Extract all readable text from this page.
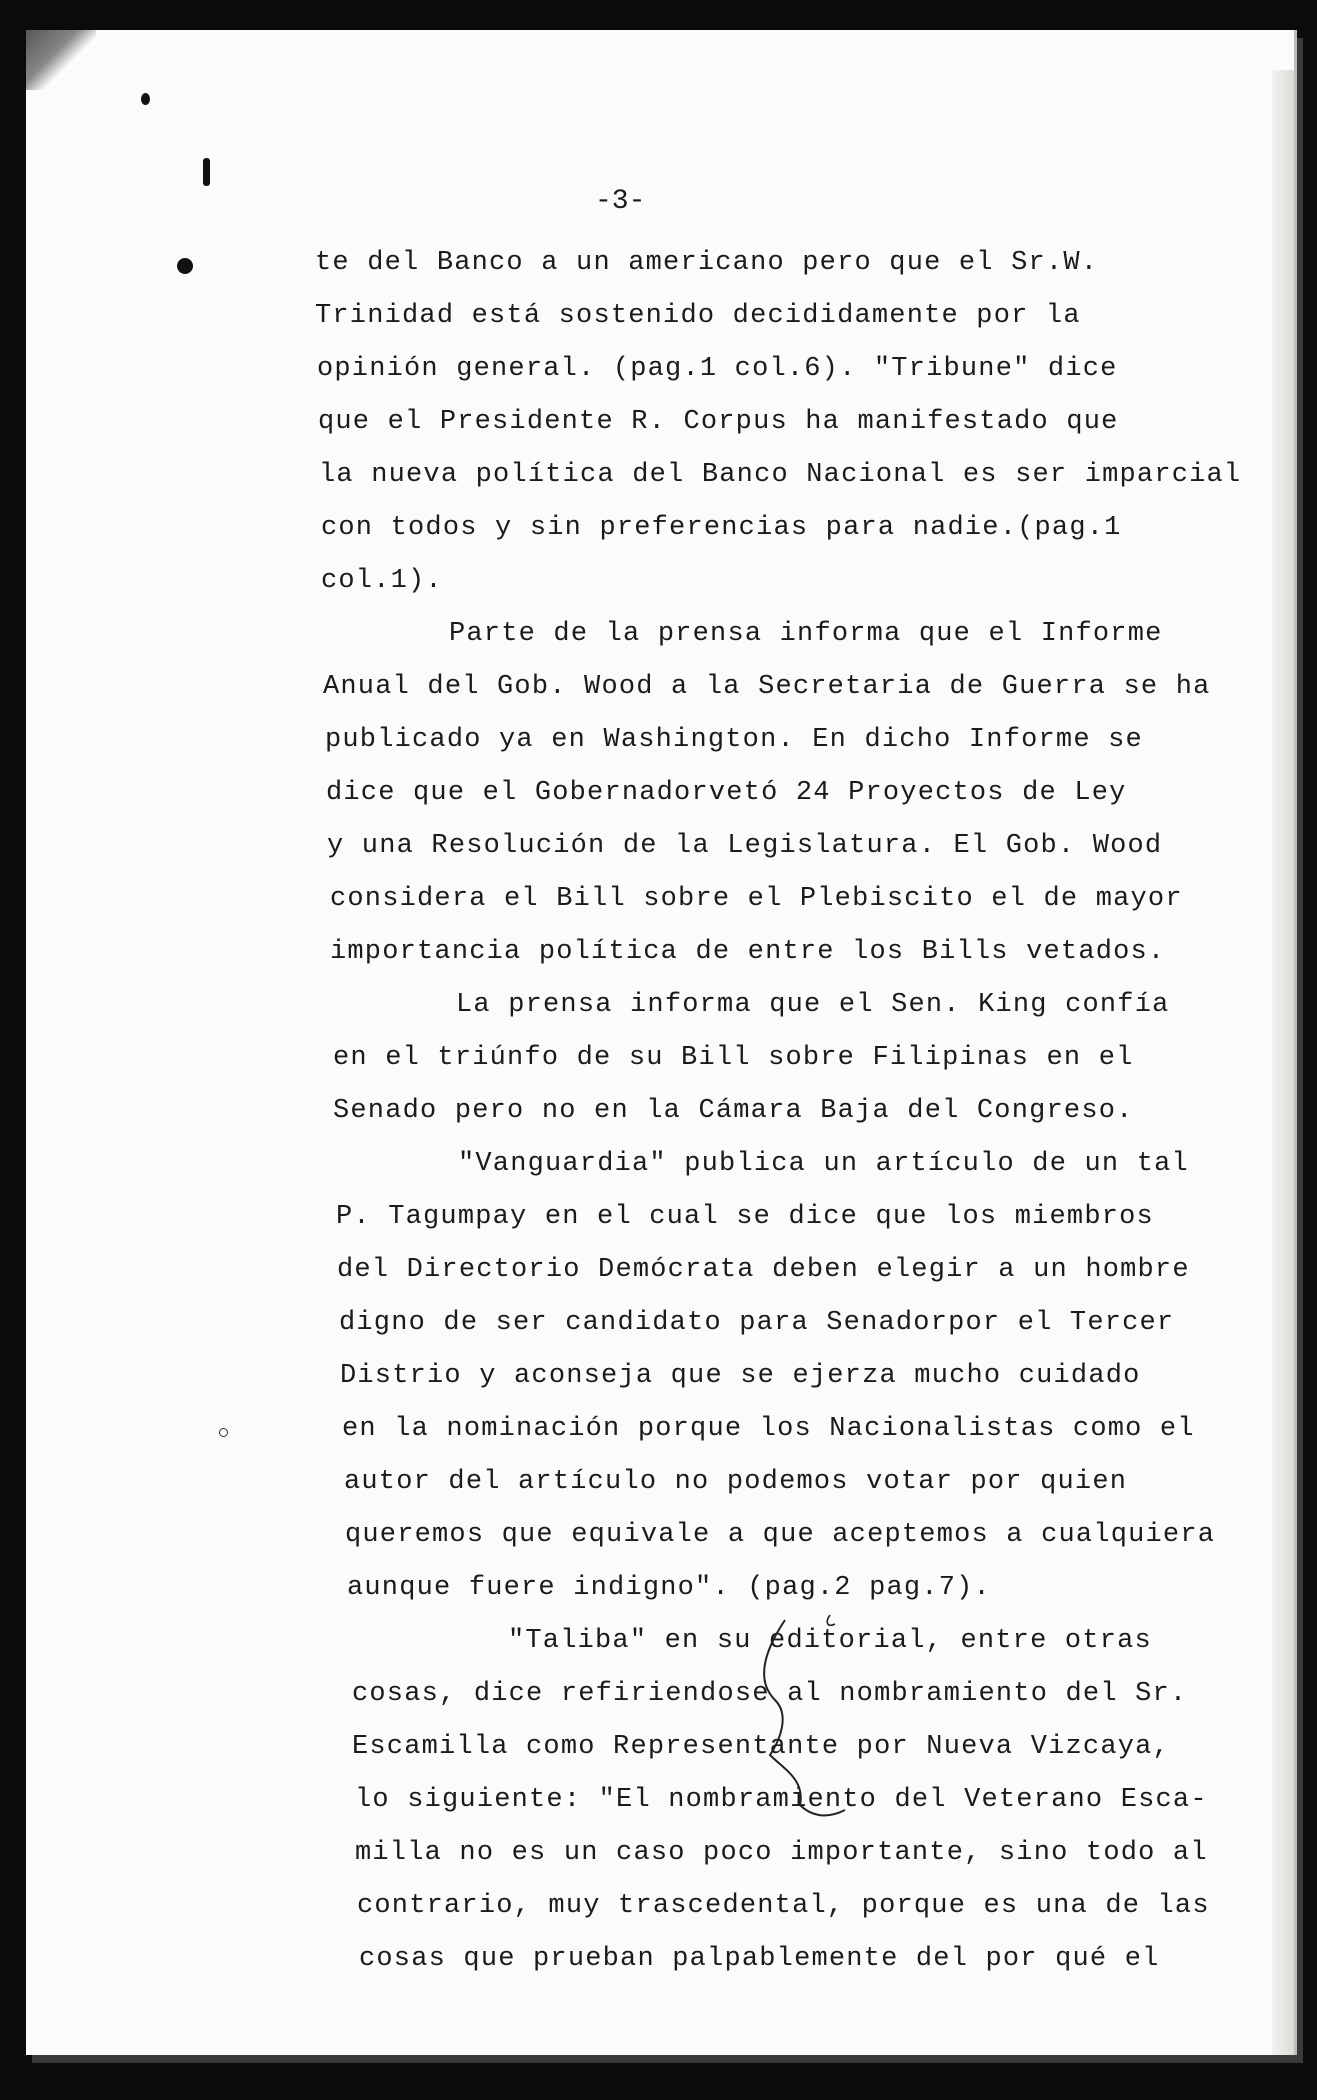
-3-
te del Banco a un americano pero que el Sr.W.
Trinidad está sostenido decididamente por la
opinión general. (pag.1 col.6). "Tribune" dice
que el Presidente R. Corpus ha manifestado que
la nueva política del Banco Nacional es ser imparcial
con todos y sin preferencias para nadie.(pag.1
col.1).
Parte de la prensa informa que el Informe
Anual del Gob. Wood a la Secretaria de Guerra se ha
publicado ya en Washington. En dicho Informe se
dice que el Gobernadorvetó 24 Proyectos de Ley
y una Resolución de la Legislatura. El Gob. Wood
considera el Bill sobre el Plebiscito el de mayor
importancia política de entre los Bills vetados.
La prensa informa que el Sen. King confía
en el triúnfo de su Bill sobre Filipinas en el
Senado pero no en la Cámara Baja del Congreso.
"Vanguardia" publica un artículo de un tal
P. Tagumpay en el cual se dice que los miembros
del Directorio Demócrata deben elegir a un hombre
digno de ser candidato para Senadorpor el Tercer
Distrio y aconseja que se ejerza mucho cuidado
en la nominación porque los Nacionalistas como el
autor del artículo no podemos votar por quien
queremos que equivale a que aceptemos a cualquiera
aunque fuere indigno". (pag.2 pag.7).
"Taliba" en su editorial, entre otras
cosas, dice refiriendose al nombramiento del Sr.
Escamilla como Representante por Nueva Vizcaya,
lo siguiente: "El nombramiento del Veterano Esca-
milla no es un caso poco importante, sino todo al
contrario, muy trascedental, porque es una de las
cosas que prueban palpablemente del por qué el
